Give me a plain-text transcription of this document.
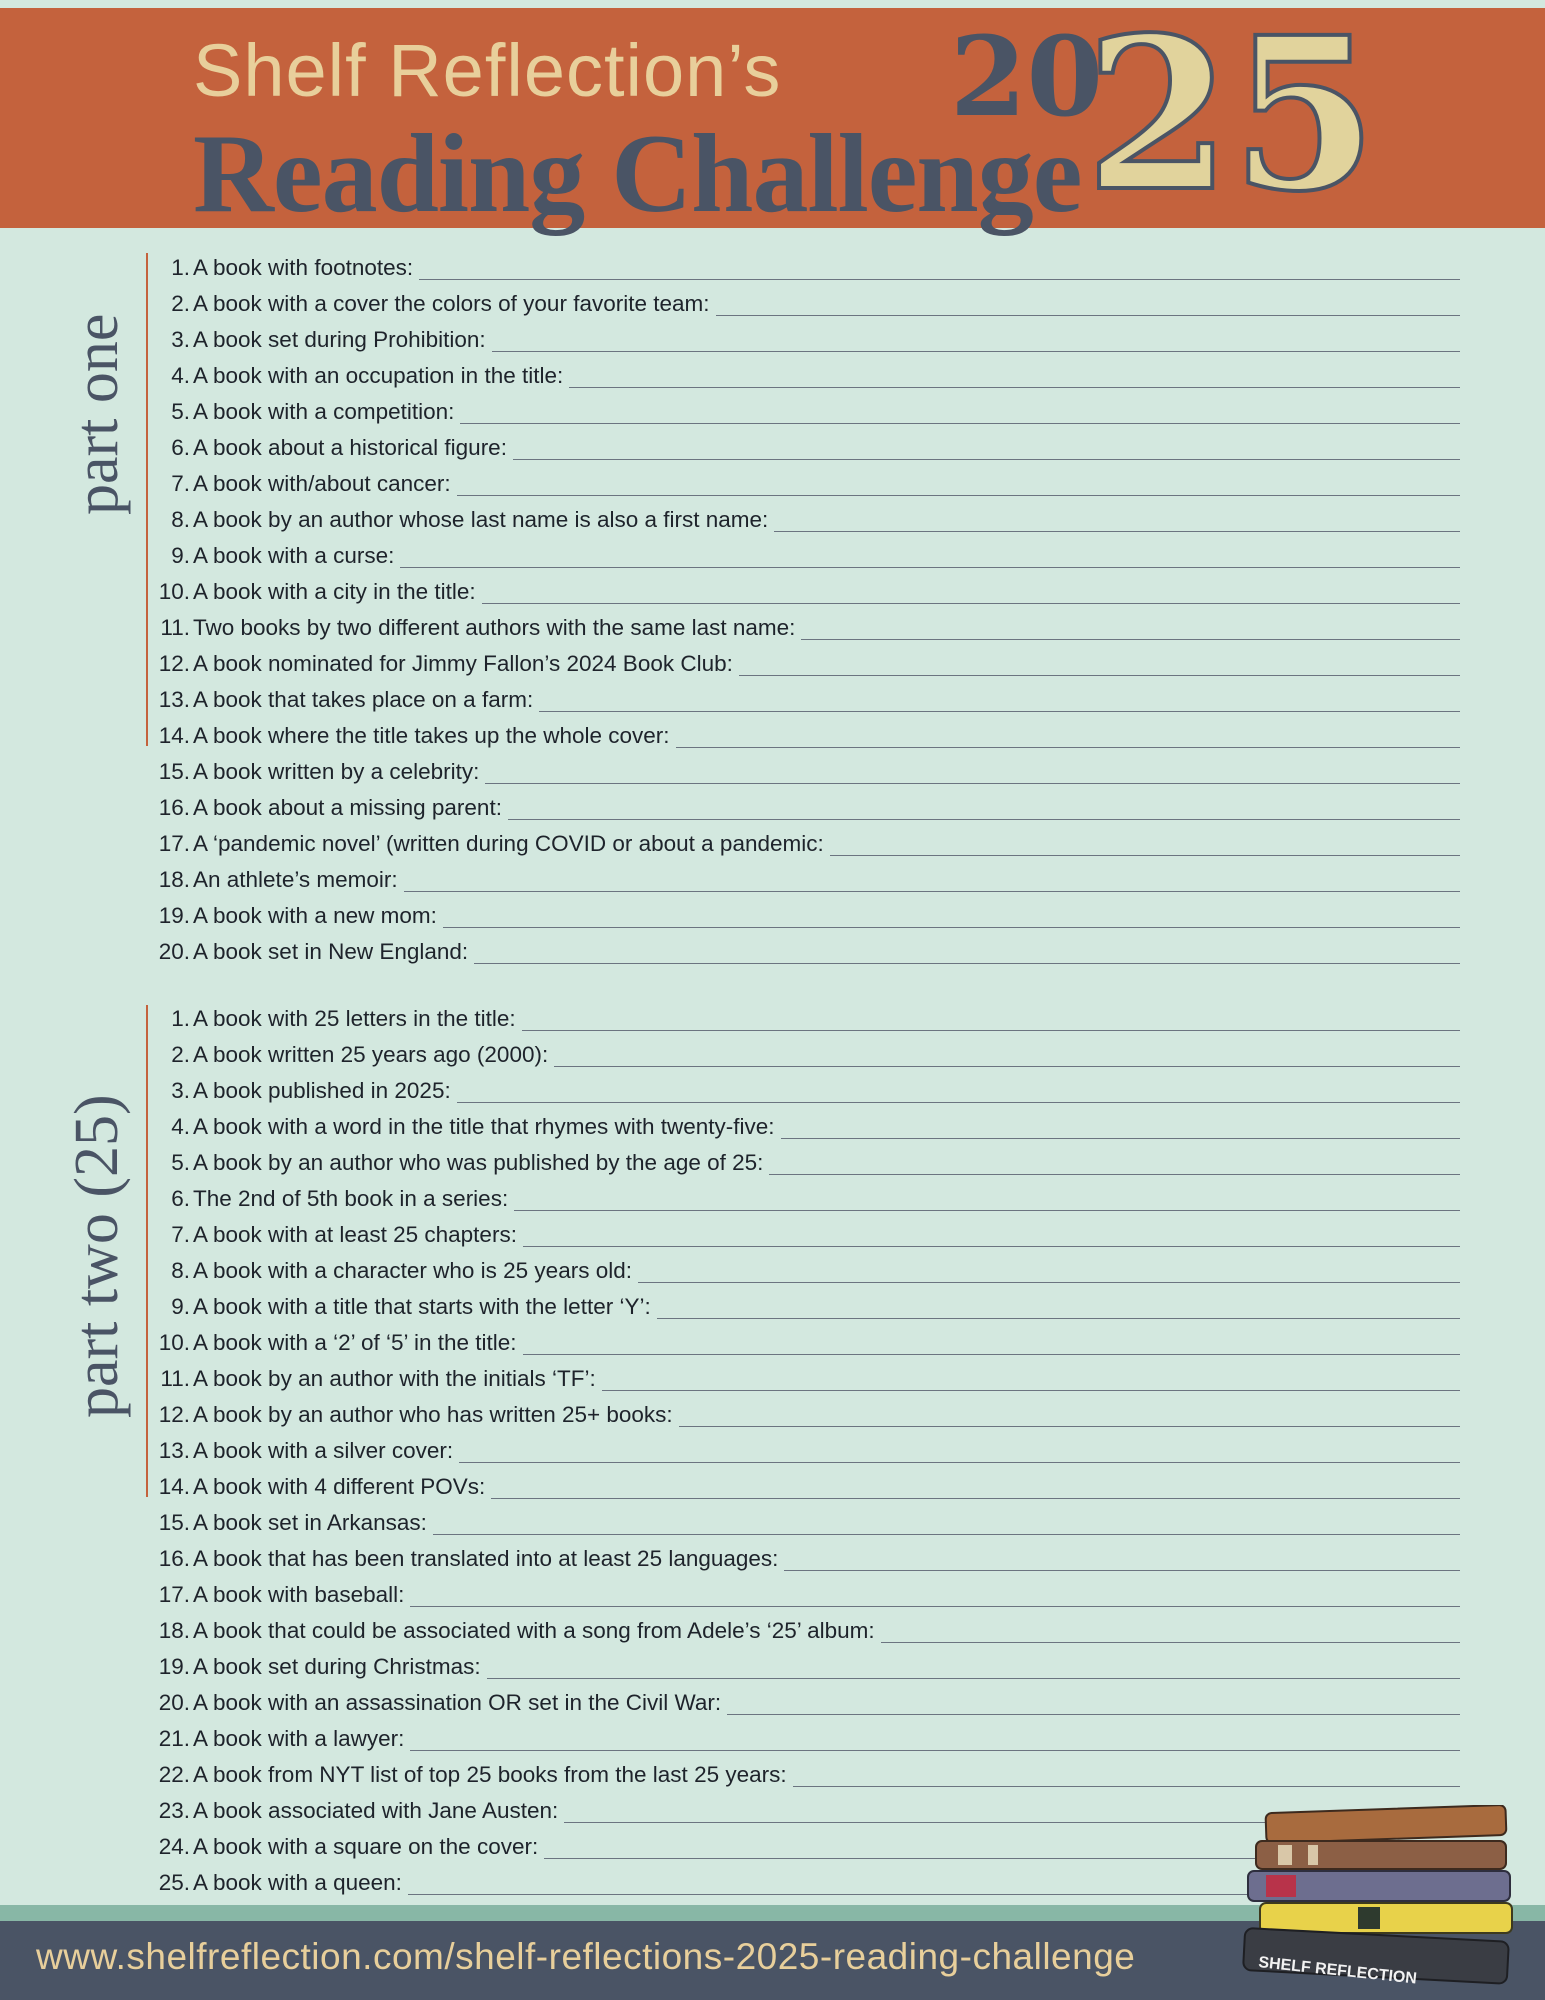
Shelf Reflection’s
Reading Challenge
20
25
part one
1. A book with footnotes:
2. A book with a cover the colors of your favorite team:
3. A book set during Prohibition:
4. A book with an occupation in the title:
5. A book with a competition:
6. A book about a historical figure:
7. A book with/about cancer:
8. A book by an author whose last name is also a first name:
9. A book with a curse:
10. A book with a city in the title:
11. Two books by two different authors with the same last name:
12. A book nominated for Jimmy Fallon’s 2024 Book Club:
13. A book that takes place on a farm:
14. A book where the title takes up the whole cover:
15. A book written by a celebrity:
16. A book about a missing parent:
17. A ‘pandemic novel’ (written during COVID or about a pandemic:
18. An athlete’s memoir:
19. A book with a new mom:
20. A book set in New England:
part two (25)
1. A book with 25 letters in the title:
2. A book written 25 years ago (2000):
3. A book published in 2025:
4. A book with a word in the title that rhymes with twenty-five:
5. A book by an author who was published by the age of 25:
6. The 2nd of 5th book in a series:
7. A book with at least 25 chapters:
8. A book with a character who is 25 years old:
9. A book with a title that starts with the letter ‘Y’:
10. A book with a ‘2’ of ‘5’ in the title:
11. A book by an author with the initials ‘TF’:
12. A book by an author who has written 25+ books:
13. A book with a silver cover:
14. A book with 4 different POVs:
15. A book set in Arkansas:
16. A book that has been translated into at least 25 languages:
17. A book with baseball:
18. A book that could be associated with a song from Adele’s ‘25’ album:
19. A book set during Christmas:
20. A book with an assassination OR set in the Civil War:
21. A book with a lawyer:
22. A book from NYT list of top 25 books from the last 25 years:
23. A book associated with Jane Austen:
24. A book with a square on the cover:
25. A book with a queen:
www.shelfreflection.com/shelf-reflections-2025-reading-challenge	SHELF REFLECTION
